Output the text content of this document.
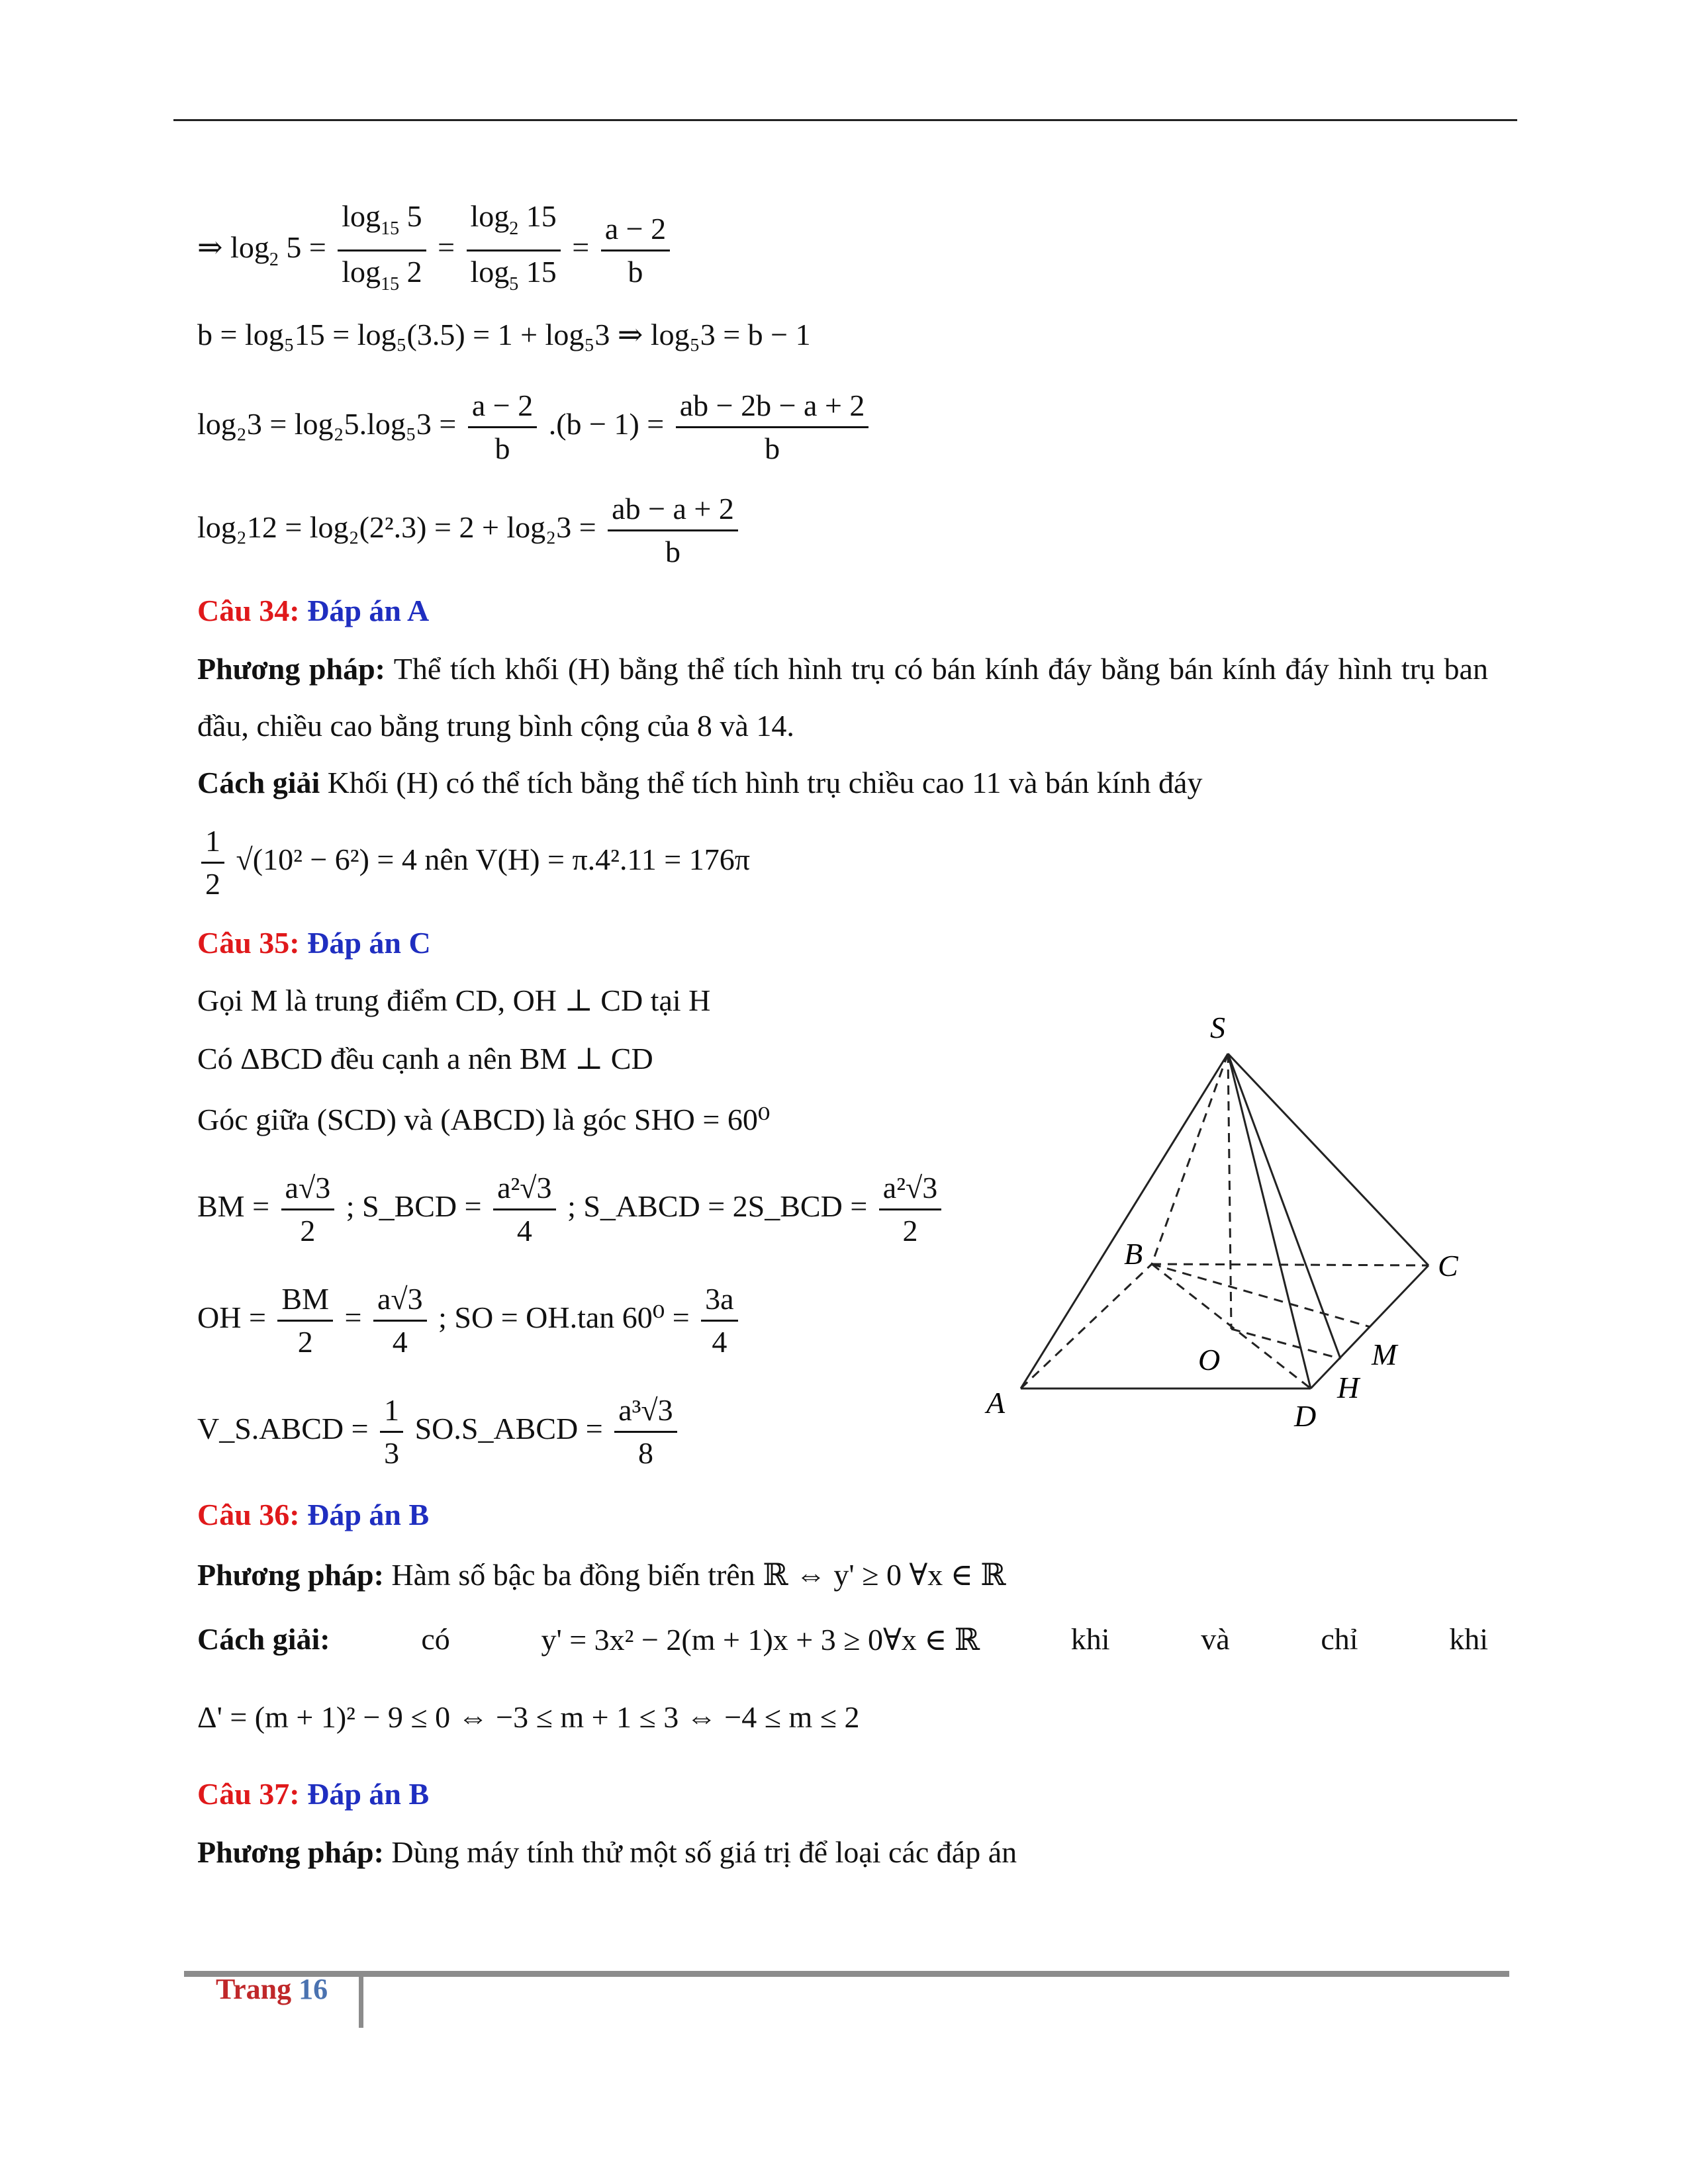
⇒ $\log_2 5 = \frac{\log_{15} 5}{\log_{15} 2} = \frac{\log_2 15}{\log_5 15} = \frac{a - 2}{b}$
b = log₅15 = log₅(3.5) = 1 + log₅3 ⇒ log₅3 = b − 1
$\log_23 = \log_25.\log_53 = \frac{a - 2}{b} .(b - 1) = \frac{ab - 2b - a + 2}{b}$
$\log_212 = \log_2(2^2.3) = 2 + \log_23 = \frac{ab - a + 2}{b}$
Câu 34: Đáp án A
Phương pháp: Thể tích khối (H) bằng thể tích hình trụ có bán kính đáy bằng bán kính đáy hình trụ ban đầu, chiều cao bằng trung bình cộng của 8 và 14.
Cách giải Khối (H) có thể tích bằng thể tích hình trụ chiều cao 11 và bán kính đáy
$\frac{1}{2} √(10^2 - 6^2) = 4$ nên V(H) = π.4².11 = 176π
Câu 35: Đáp án C
Gọi M là trung điểm CD, OH ⊥ CD tại H
Có ΔBCD đều cạnh a nên BM ⊥ CD
Góc giữa (SCD) và (ABCD) là góc SHO = 60⁰
BM = $\frac{a√3}{2}$ ; S_BCD = $\frac{\text{a²√3}}{4}$ ; S_ABCD = 2S_BCD = $\frac{\text{a²√3}}{2}$
OH = $\frac{BM}{2} = \frac{a√3}{4}$ ; SO = OH.tan $60^0 = \frac{3a}{4}$
V_S.ABCD = $\frac{1}{3}$ SO.S_ABCD = $\frac{\text{a³√3}}{8}$
S
B	C
O	M
H
A	D
Câu 36: Đáp án B
Phương pháp: Hàm số bậc ba đồng biến trên ℝ ⇔ y' ≥ 0 ∀x ∈ ℝ
Cách giải:	có	y' = 3x² − 2(m + 1)x + 3 ≥ 0∀x ∈ ℝ	khi	và	chỉ	khi
Δ' = (m + 1)² − 9 ≤ 0 ⇔ −3 ≤ m + 1 ≤ 3 ⇔ −4 ≤ m ≤ 2
Câu 37: Đáp án B
Phương pháp: Dùng máy tính thử một số giá trị để loại các đáp án
Trang 16
